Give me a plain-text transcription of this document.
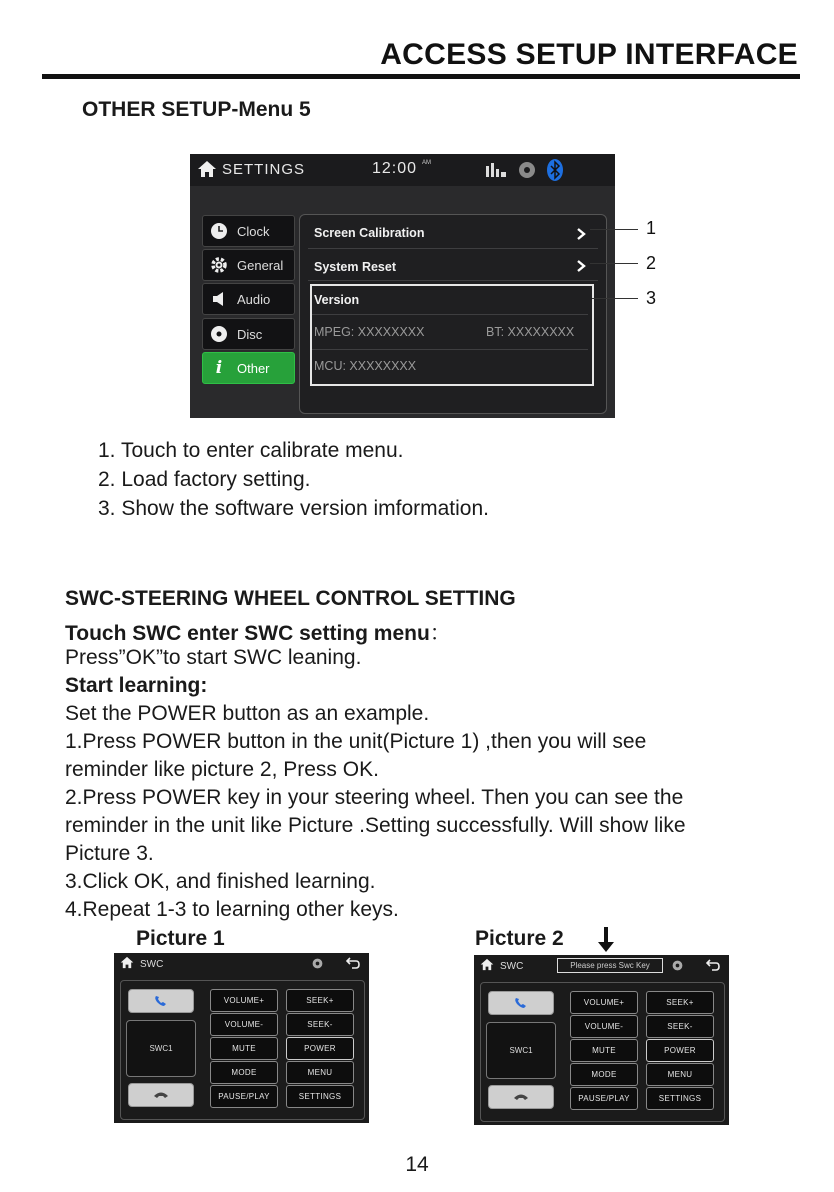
ACCESS SETUP INTERFACE
OTHER SETUP-Menu 5
SETTINGS	12:00 AM
Clock
General
Audio
Disc
i	Other
Screen Calibration
System Reset
Version
MPEG: XXXXXXXX	BT: XXXXXXXX
MCU: XXXXXXXX
1
2
3
1. Touch to enter calibrate menu.
2. Load factory setting.
3. Show the software version imformation.
SWC-STEERING WHEEL CONTROL SETTING
Touch SWC enter SWC setting menu：
Press”OK”to start SWC leaning.
Start learning:
Set the POWER button as an example.
1.Press POWER button in the unit(Picture 1) ,then you will see
reminder like picture 2, Press OK.
2.Press POWER key in your steering wheel. Then you can see the
reminder in the unit like Picture .Setting successfully. Will show like
Picture 3.
3.Click OK, and finished learning.
4.Repeat 1-3 to learning other keys.
Picture 1	Picture 2
SWC
SWC1
VOLUME+
VOLUME-
MUTE
MODE
PAUSE/PLAY
SEEK+
SEEK-
POWER
MENU
SETTINGS
SWC	Please press Swc Key
SWC1
VOLUME+
VOLUME-
MUTE
MODE
PAUSE/PLAY
SEEK+
SEEK-
POWER
MENU
SETTINGS
14
